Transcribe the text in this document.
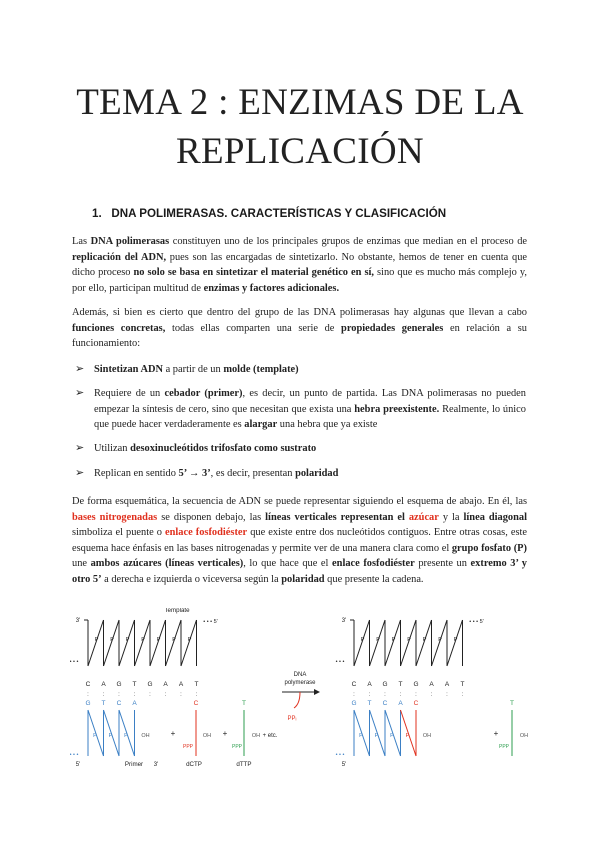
TEMA 2 : ENZIMAS DE LA
REPLICACIÓN
1. DNA POLIMERASAS. CARACTERÍSTICAS Y CLASIFICACIÓN
Las DNA polimerasas constituyen uno de los principales grupos de enzimas que median en el proceso de replicación del ADN, pues son las encargadas de sintetizarlo. No obstante, hemos de tener en cuenta que dicho proceso no solo se basa en sintetizar el material genético en sí, sino que es mucho más complejo y, por ello, participan multitud de enzimas y factores adicionales.
Además, si bien es cierto que dentro del grupo de las DNA polimerasas hay algunas que llevan a cabo funciones concretas, todas ellas comparten una serie de propiedades generales en relación a su funcionamiento:
➢ Sintetizan ADN a partir de un molde (template)
➢ Requiere de un cebador (primer), es decir, un punto de partida. Las DNA polimerasas no pueden empezar la síntesis de cero, sino que necesitan que exista una hebra preexistente. Realmente, lo único que puede hacer verdaderamente es alargar una hebra que ya existe
➢ Utilizan desoxinucleótidos trifosfato como sustrato
➢ Replican en sentido 5’ → 3’, es decir, presentan polaridad
De forma esquemática, la secuencia de ADN se puede representar siguiendo el esquema de abajo. En él, las bases nitrogenadas se disponen debajo, las líneas verticales representan el azúcar y la línea diagonal simboliza el puente o enlace fosfodiéster que existe entre dos nucleótidos contiguos. Entre otras cosas, este esquema hace énfasis en las bases nitrogenadas y permite ver de una manera clara como el grupo fosfato (P) une ambos azúcares (líneas verticales), lo que hace que el enlace fosfodiéster presente un extremo 3’ y otro 5’ a derecha e izquierda o viceversa según la polaridad que presente la cadena.
3'
P
C
:
P
A
:
P
G
:
P
T
:
P
G
:
P
A
:
P
A
:
T
:
• • • 5'
• • •
G
P
T
P
C
P
A
OH
• • •
5'
Template
Primer 3'
+
C
OH
PPP
dCTP
+
T
OH
PPP
+ etc.
dTTP
DNA
polymerase
PPᵢ
3'
P
C
:
P
A
:
P
G
:
P
T
:
P
G
:
P
A
:
P
A
:
T
:
• • • 5'
• • •
G
P
T
P
C
P
A
P
C
OH
• • •
5'
+
T
PPP
OH
